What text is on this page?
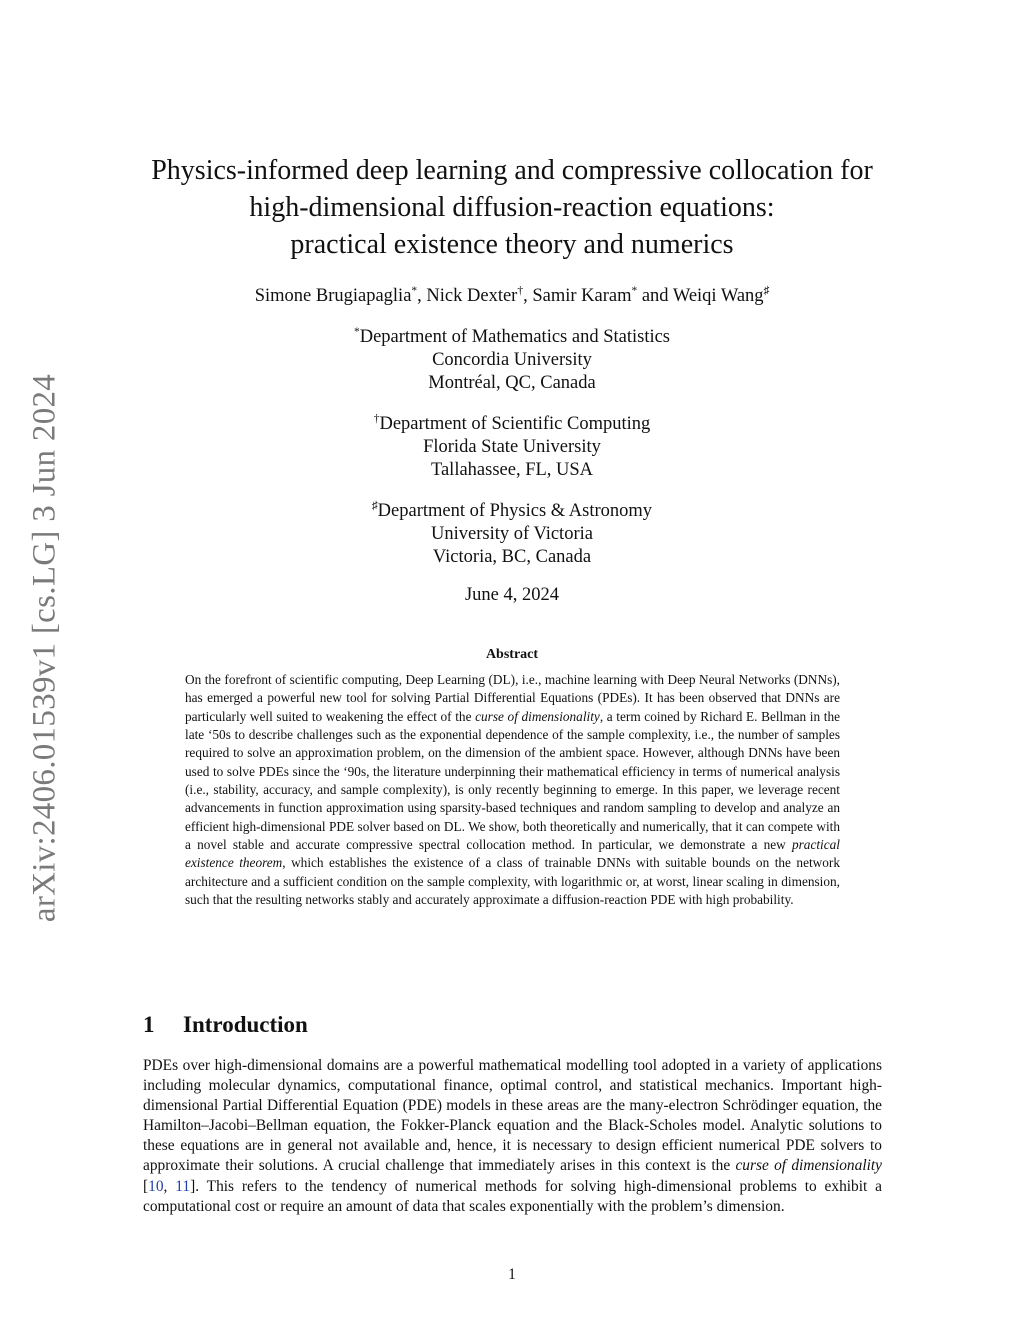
arXiv:2406.01539v1 [cs.LG] 3 Jun 2024
Physics-informed deep learning and compressive collocation for
high-dimensional diffusion-reaction equations:
practical existence theory and numerics
Simone Brugiapaglia*, Nick Dexter†, Samir Karam* and Weiqi Wang♯
*Department of Mathematics and Statistics
Concordia University
Montréal, QC, Canada
†Department of Scientific Computing
Florida State University
Tallahassee, FL, USA
♯Department of Physics & Astronomy
University of Victoria
Victoria, BC, Canada
June 4, 2024
Abstract

On the forefront of scientific computing, Deep Learning (DL), i.e., machine learning with Deep Neural Networks (DNNs), has emerged a powerful new tool for solving Partial Differential Equations (PDEs). It has been observed that DNNs are particularly well suited to weakening the effect of the curse of dimensionality, a term coined by Richard E. Bellman in the late ‘50s to describe challenges such as the exponential dependence of the sample complexity, i.e., the number of samples required to solve an approximation problem, on the dimension of the ambient space. However, although DNNs have been used to solve PDEs since the ‘90s, the literature underpinning their mathematical efficiency in terms of numerical analysis (i.e., stability, accuracy, and sample complexity), is only recently beginning to emerge. In this paper, we leverage recent advancements in function approximation using sparsity-based techniques and random sampling to develop and analyze an efficient high-dimensional PDE solver based on DL. We show, both theoretically and numerically, that it can compete with a novel stable and accurate compressive spectral collocation method. In particular, we demonstrate a new practical existence theorem, which establishes the existence of a class of trainable DNNs with suitable bounds on the network architecture and a sufficient condition on the sample complexity, with logarithmic or, at worst, linear scaling in dimension, such that the resulting networks stably and accurately approximate a diffusion-reaction PDE with high probability.

1 Introduction

PDEs over high-dimensional domains are a powerful mathematical modelling tool adopted in a variety of applications including molecular dynamics, computational finance, optimal control, and statistical mechanics. Important high-dimensional Partial Differential Equation (PDE) models in these areas are the many-electron Schrödinger equation, the Hamilton–Jacobi–Bellman equation, the Fokker-Planck equation and the Black-Scholes model. Analytic solutions to these equations are in general not available and, hence, it is necessary to design efficient numerical PDE solvers to approximate their solutions. A crucial challenge that immediately arises in this context is the curse of dimensionality [10, 11]. This refers to the tendency of numerical methods for solving high-dimensional problems to exhibit a computational cost or require an amount of data that scales exponentially with the problem’s dimension.

1
